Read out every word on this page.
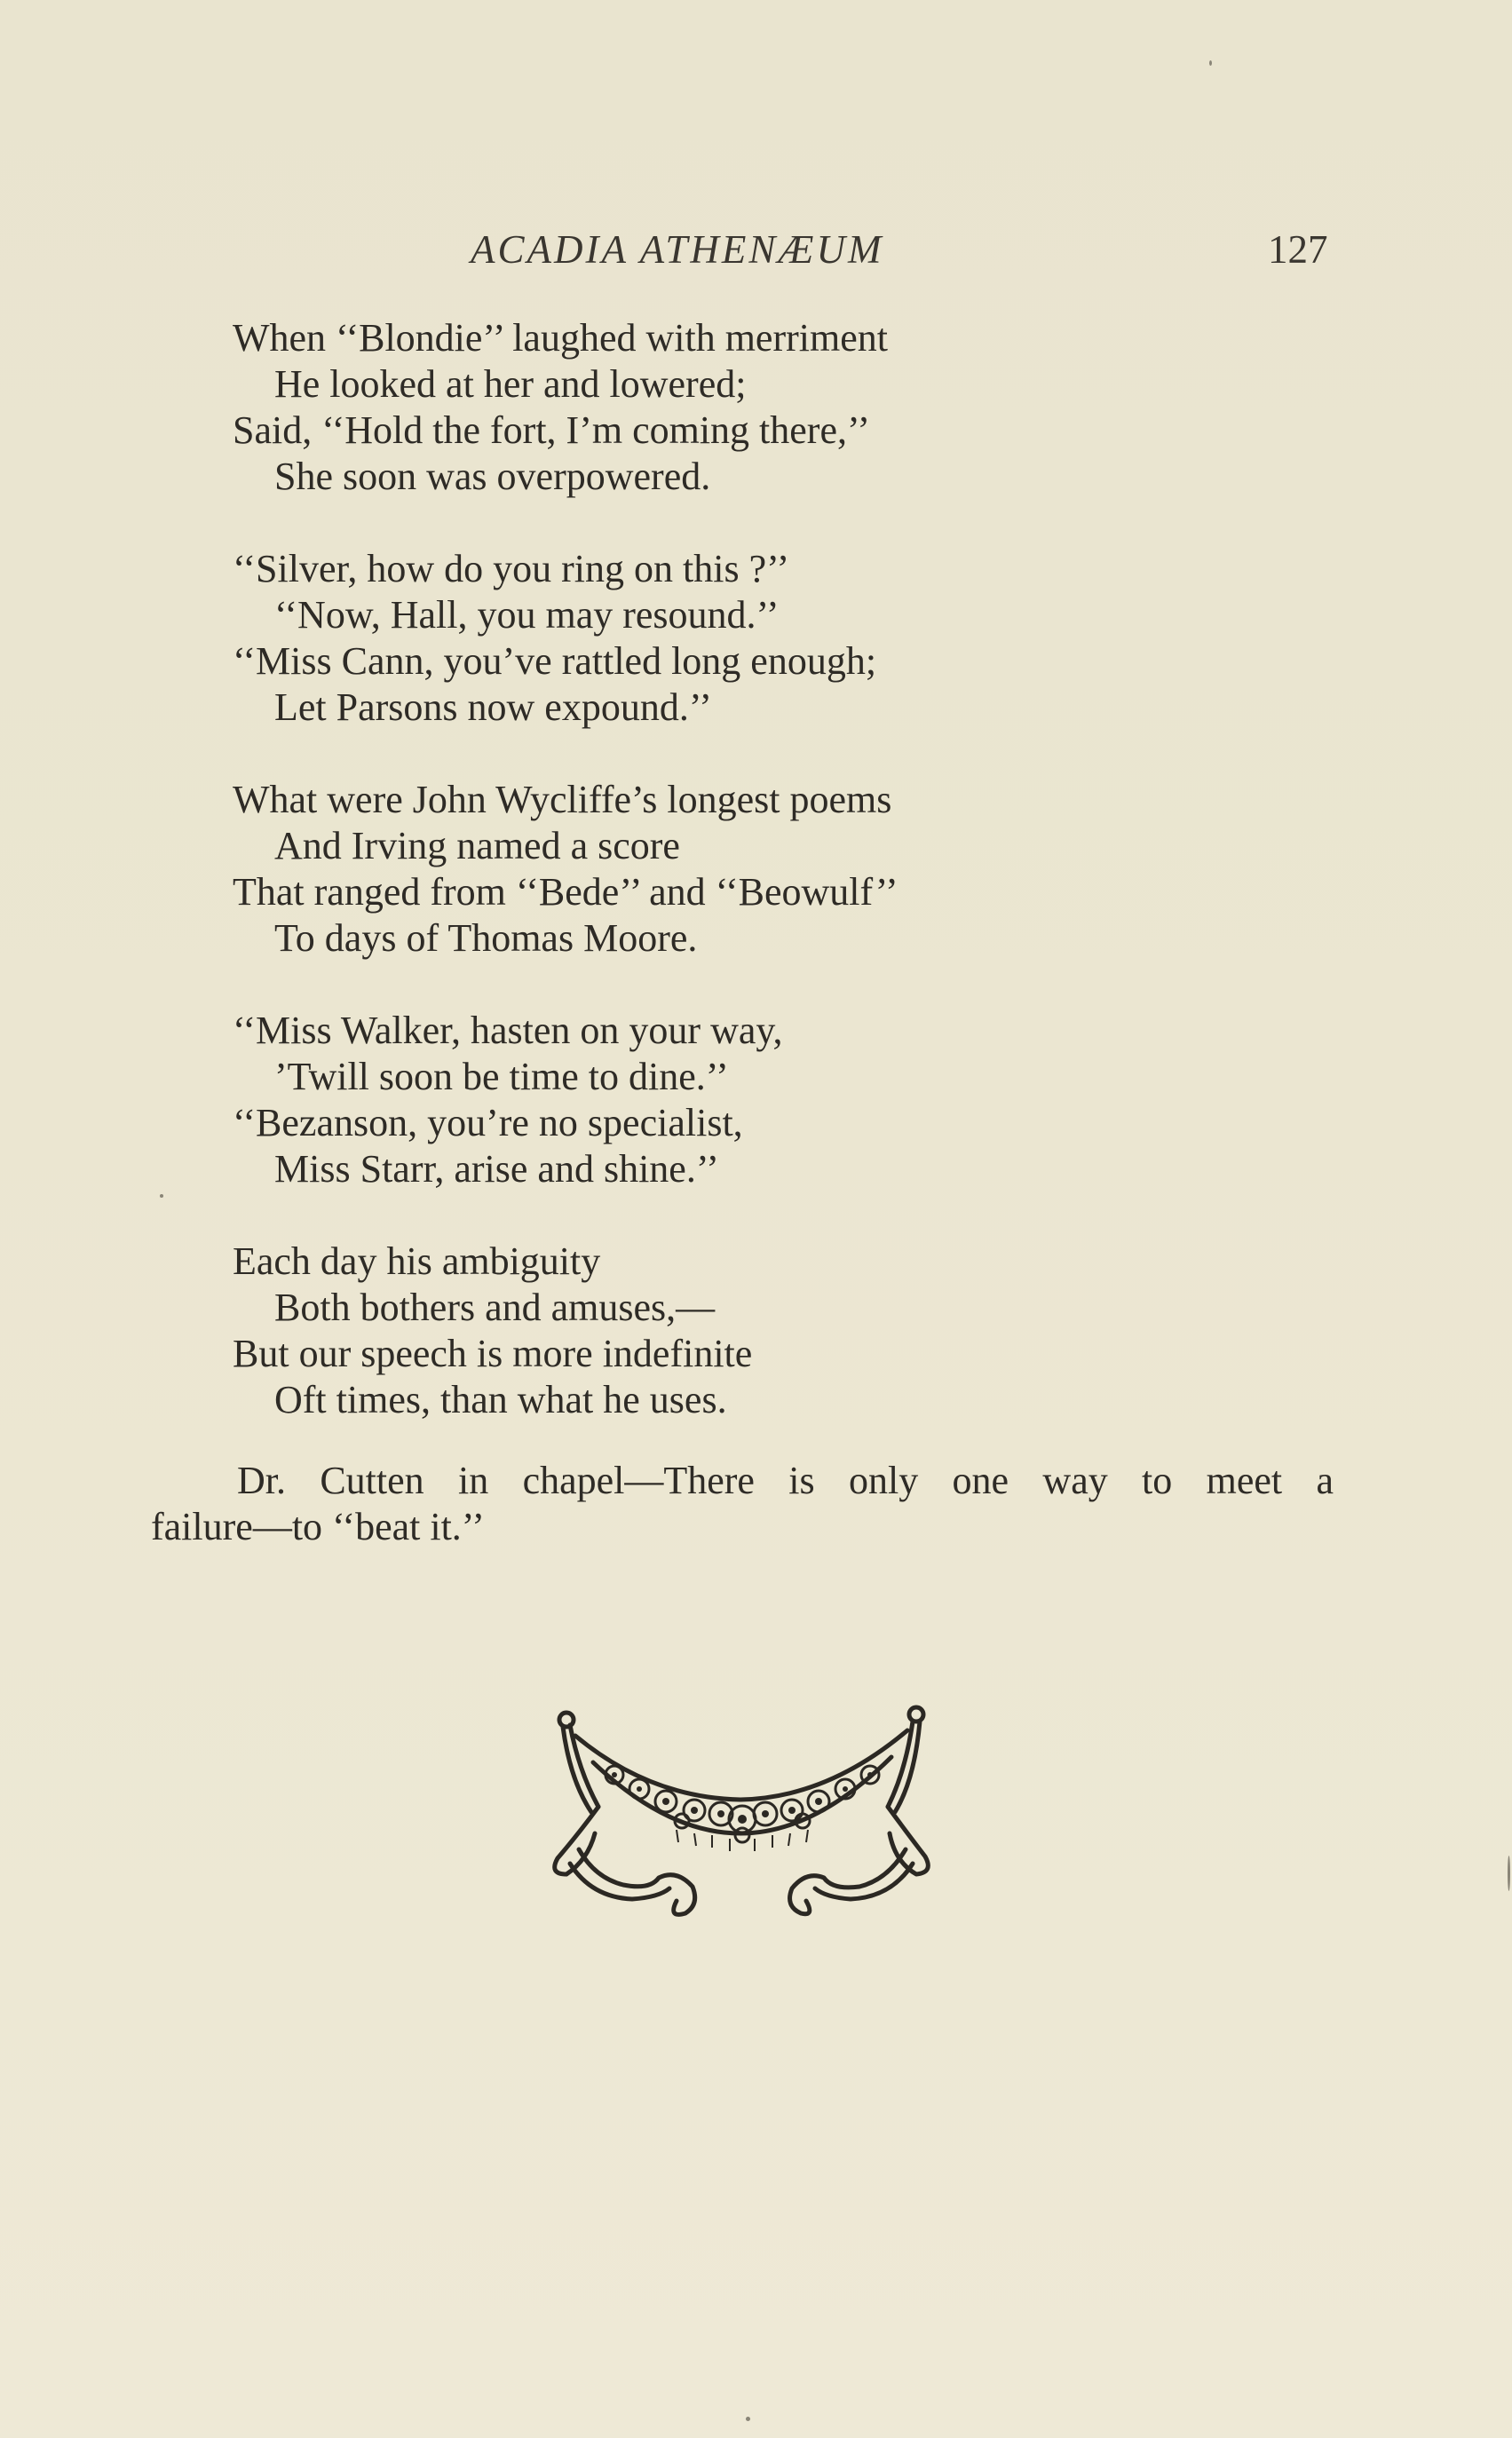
ACADIA ATHENÆUM	127
When ‘‘Blondie’’ laughed with merriment
He looked at her and lowered;
Said, ‘‘Hold the fort, I’m coming there,’’
She soon was overpowered.
‘‘Silver, how do you ring on this ?’’
‘‘Now, Hall, you may resound.’’
‘‘Miss Cann, you’ve rattled long enough;
Let Parsons now expound.’’
What were John Wycliffe’s longest poems
And Irving named a score
That ranged from ‘‘Bede’’ and ‘‘Beowulf’’
To days of Thomas Moore.
‘‘Miss Walker, hasten on your way,
’Twill soon be time to dine.’’
‘‘Bezanson, you’re no specialist,
Miss Starr, arise and shine.’’
Each day his ambiguity
Both bothers and amuses,—
But our speech is more indefinite
Oft times, than what he uses.
Dr. Cutten in chapel—There is only one way to meet a
failure—to ‘‘beat it.’’
